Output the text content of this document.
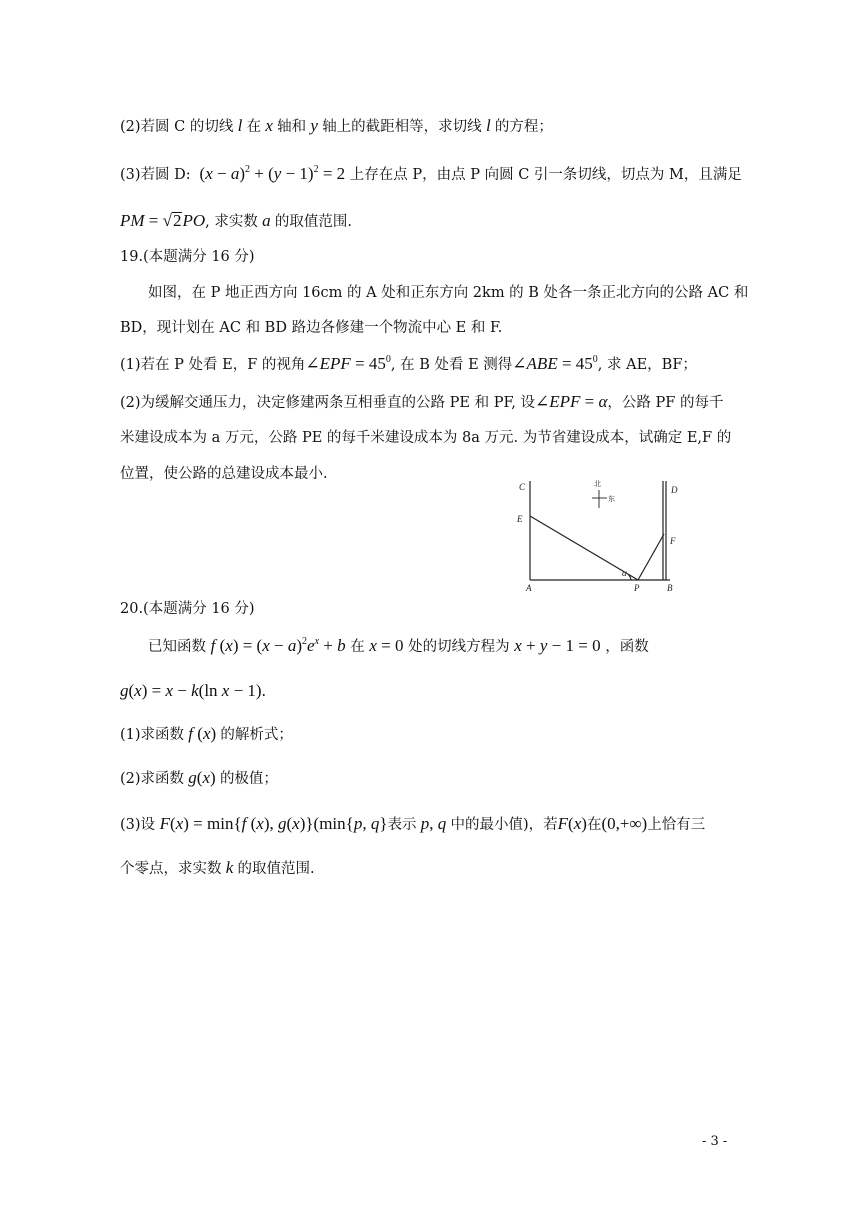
(2)若圆 C 的切线 l 在 x 轴和 y 轴上的截距相等，求切线 l 的方程；
(3)若圆 D: $(x - a)^2 + (y - 1)^2 = 2$ 上存在点 P，由点 P 向圆 C 引一条切线，切点为 M，且满足
PM = √2PO, 求实数 a 的取值范围.
19.(本题满分 16 分)
如图，在 P 地正西方向 16cm 的 A 处和正东方向 2km 的 B 处各一条正北方向的公路 AC 和
BD，现计划在 AC 和 BD 路边各修建一个物流中心 E 和 F.
(1)若在 P 处看 E，F 的视角∠EPF = $45^0$, 在 B 处看 E 测得∠ABE = $45^0$, 求 AE，BF；
(2)为缓解交通压力，决定修建两条互相垂直的公路 PE 和 PF, 设∠EPF = α，公路 PF 的每千
米建设成本为 a 万元，公路 PE 的每千米建设成本为 8a 万元. 为节省建设成本，试确定 E,F 的
位置，使公路的总建设成本最小.
C	D
E
F
A	P	B
α
北
东
20.(本题满分 16 分)
已知函数 f $(x) = (x - a)^2e^x + b$ 在 x = 0 处的切线方程为 x + y − 1 = 0 ，函数
g(x) = x − k(ln x − 1).
(1)求函数 f (x) 的解析式；
(2)求函数 g(x) 的极值；
(3)设 F(x) = min{f (x), g(x)}(min{p, q}表示 p, q 中的最小值)，若F(x)在(0,+∞)上恰有三
个零点，求实数 k 的取值范围.
- 3 -
